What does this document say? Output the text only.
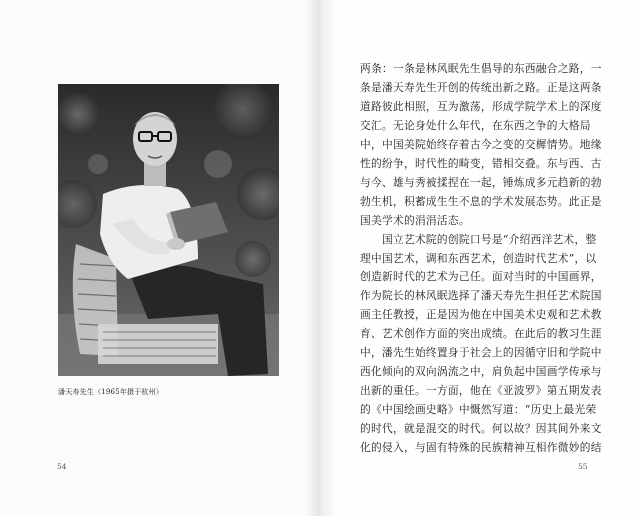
潘天寿先生（1965年摄于杭州）
54
两条：一条是林风眠先生倡导的东西融合之路，一
条是潘天寿先生开创的传统出新之路。正是这两条
道路彼此相照，互为激荡，形成学院学术上的深度
交汇。无论身处什么年代，在东西之争的大格局
中，中国美院始终存着古今之变的交樨情势。地缘
性的纷争，时代性的畸变，错相交叠。东与西、古
与今、雄与秀被揉捏在一起，锤炼成多元趋新的勃
勃生机，积蓄成生生不息的学术发展态势。此正是
国美学术的涓涓活态。
　　国立艺术院的创院口号是“介绍西洋艺术，整
理中国艺术，调和东西艺术，创造时代艺术”，以
创造新时代的艺术为己任。面对当时的中国画界，
作为院长的林风眠选择了潘天寿先生担任艺术院国
画主任教授，正是因为他在中国美术史观和艺术教
育、艺术创作方面的突出成绩。在此后的教习生涯
中，潘先生始终置身于社会上的因循守旧和学院中
西化倾向的双向涡流之中，肩负起中国画学传承与
出新的重任。一方面，他在《亚波罗》第五期发表
的《中国绘画史略》中慨然写道：“历史上最光荣
的时代，就是混交的时代。何以故？因其间外来文
化的侵入，与固有特殊的民族精神互相作微妙的结
55
